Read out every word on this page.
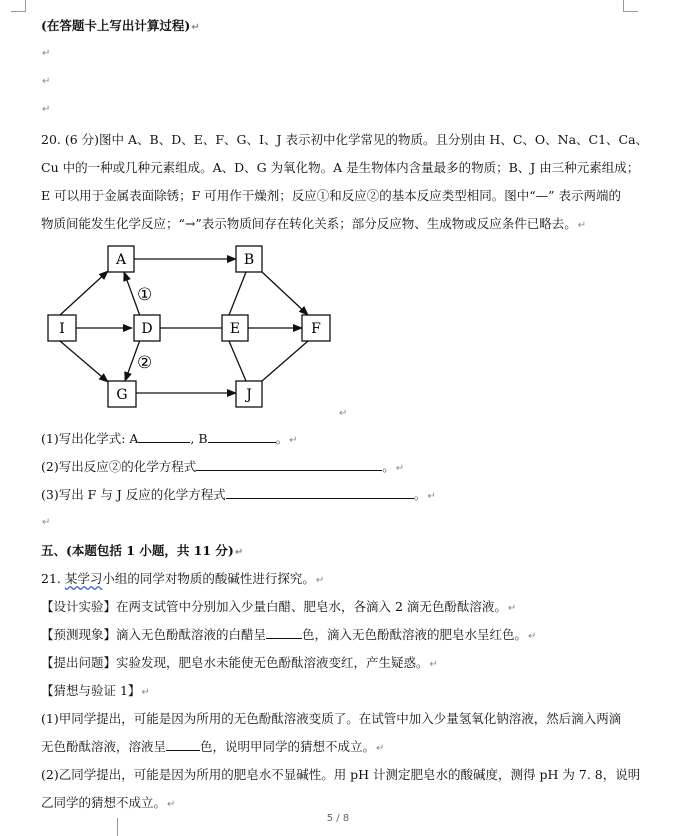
(在答题卡上写出计算过程)↵
↵
↵
↵
20. (6 分)图中 A、B、D、E、F、G、I、J 表示初中化学常见的物质。且分别由 H、C、O、Na、C1、Ca、
Cu 中的一种或几种元素组成。A、D、G 为氧化物。A 是生物体内含量最多的物质；B、J 由三种元素组成；
E 可以用于金属表面除锈；F 可用作干燥剂；反应①和反应②的基本反应类型相同。图中“—” 表示两端的
物质间能发生化学反应；“→”表示物质间存在转化关系；部分反应物、生成物或反应条件已略去。↵
A	B
I	D	E	F
G	J
①
②
↵
(1)写出化学式: A	, B	。↵
(2)写出反应②的化学方程式	。↵
(3)写出 F 与 J 反应的化学方程式	。↵
↵
五、(本题包括 1 小题，共 11 分)↵
21. 某学习小组的同学对物质的酸碱性进行探究。↵
【设计实验】在两支试管中分别加入少量白醋、肥皂水，各滴入 2 滴无色酚酞溶液。↵
【预测现象】滴入无色酚酞溶液的白醋呈	色，滴入无色酚酞溶液的肥皂水呈红色。↵
【提出问题】实验发现，肥皂水未能使无色酚酞溶液变红，产生疑惑。↵
【猜想与验证 1】↵
(1)甲同学提出，可能是因为所用的无色酚酞溶液变质了。在试管中加入少量氢氧化钠溶液，然后滴入两滴
无色酚酞溶液，溶液呈	色，说明甲同学的猜想不成立。↵
(2)乙同学提出，可能是因为所用的肥皂水不显碱性。用 pH 计测定肥皂水的酸碱度，测得 pH 为 7. 8，说明
乙同学的猜想不成立。↵
5 / 8
